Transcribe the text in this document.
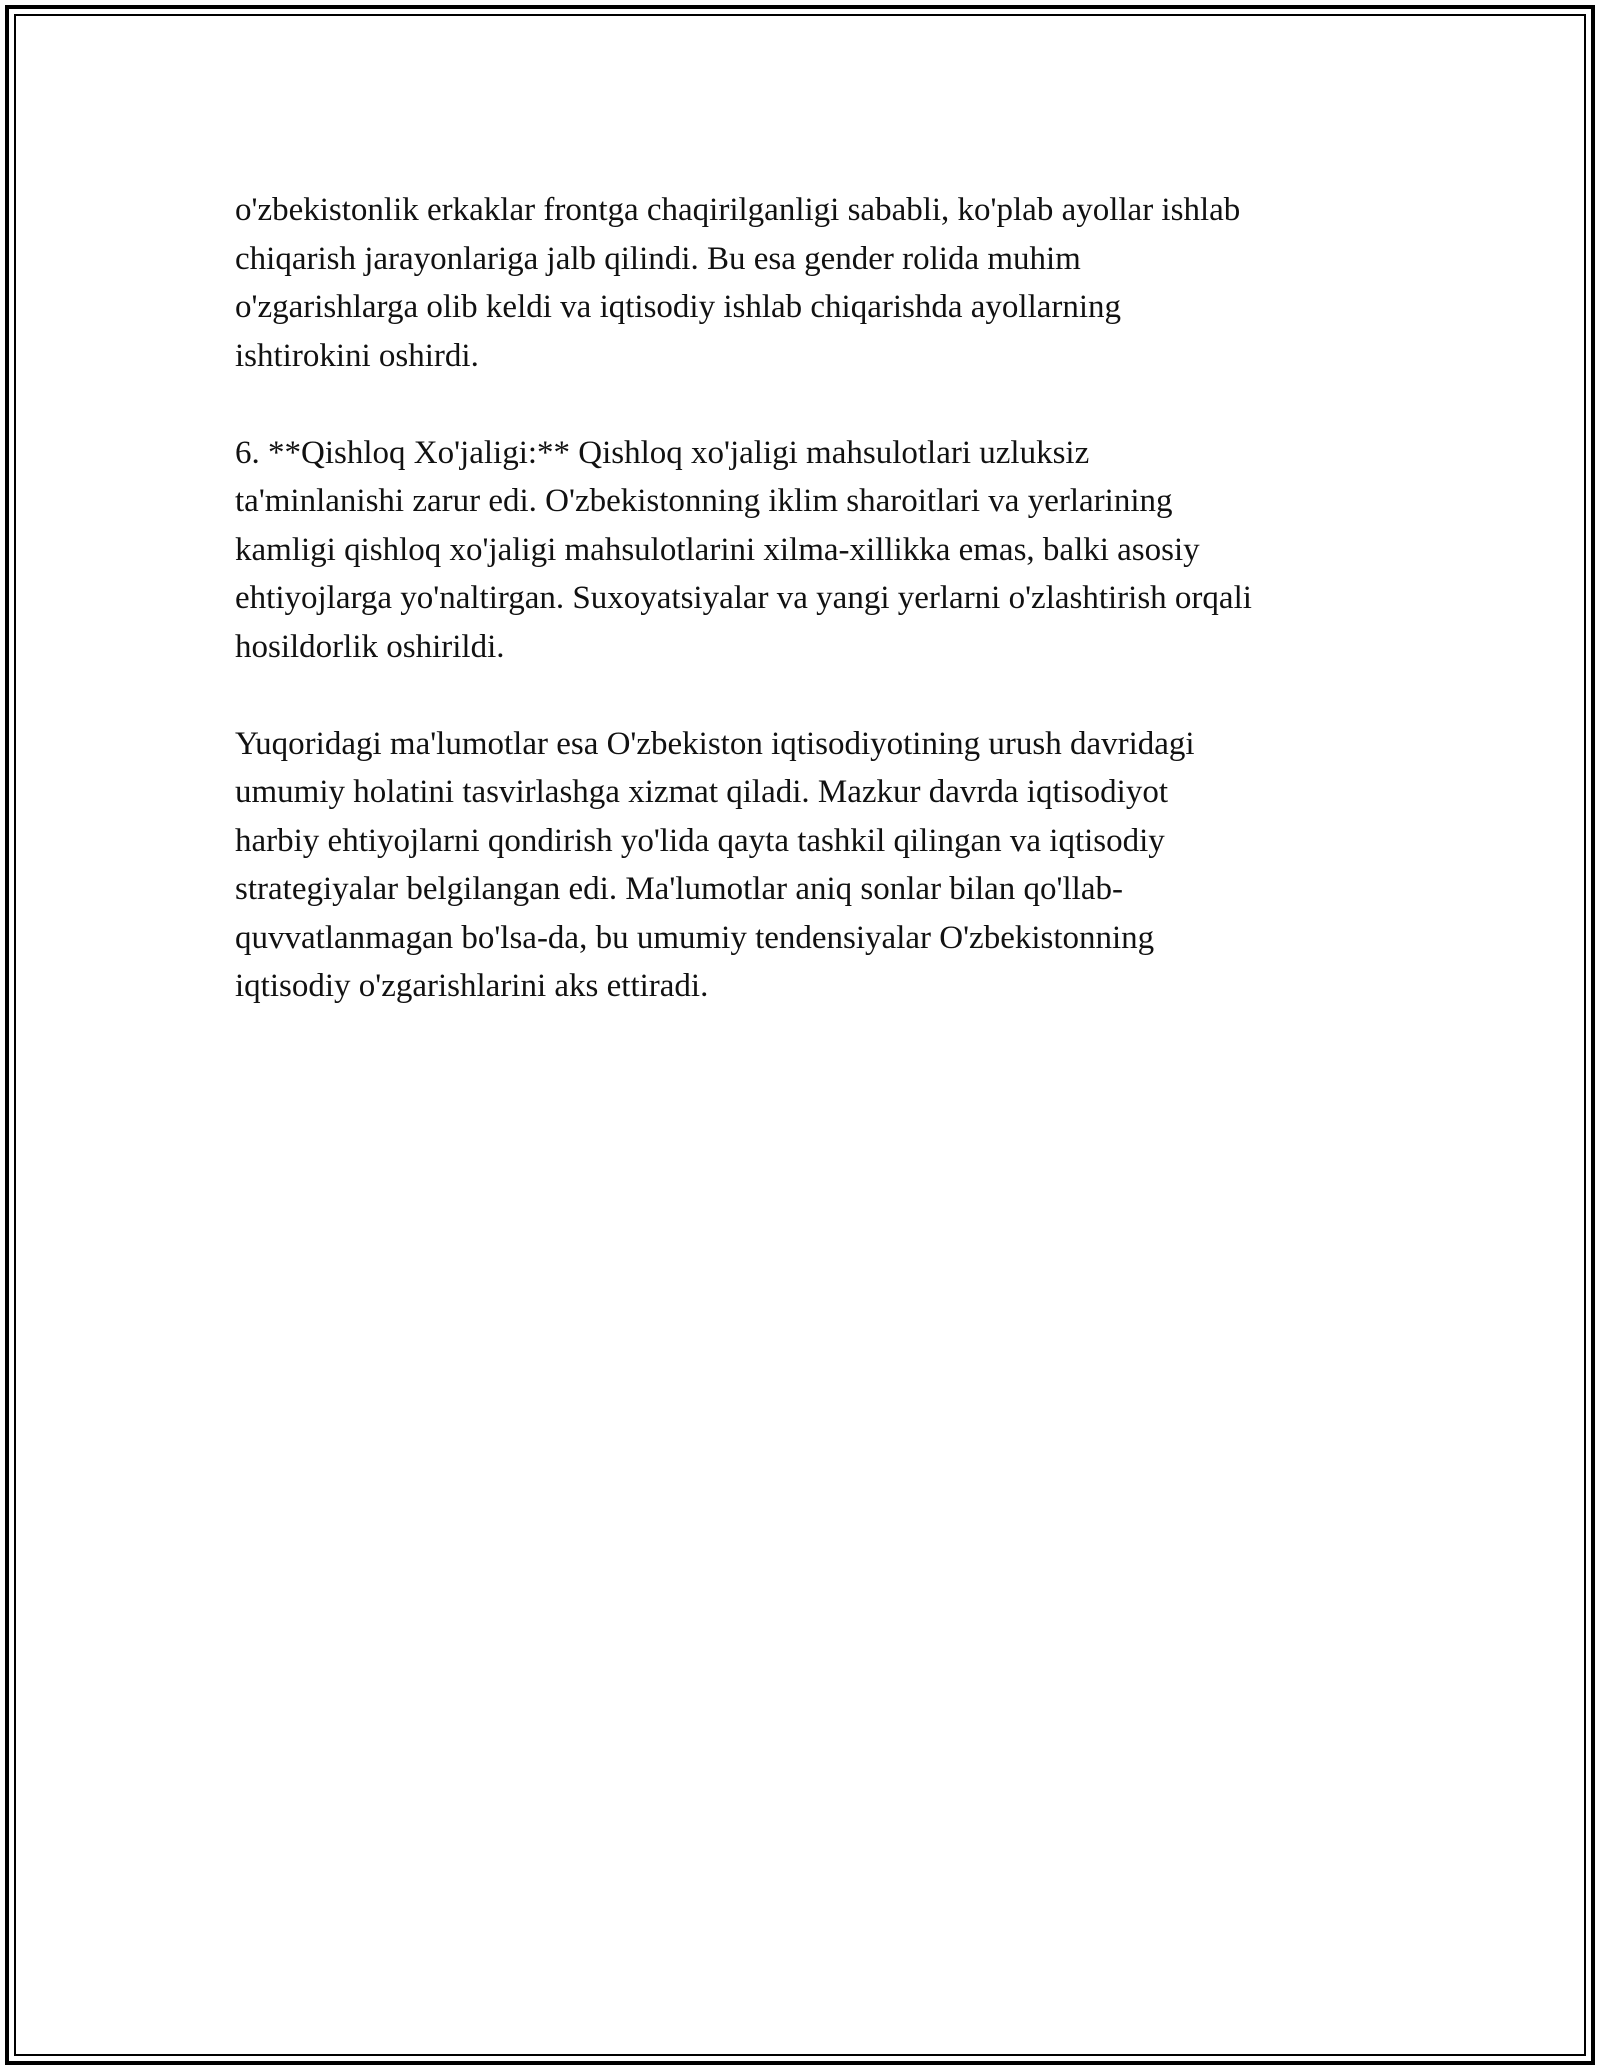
o'zbekistonlik erkaklar frontga chaqirilganligi sababli, ko'plab ayollar ishlab
chiqarish jarayonlariga jalb qilindi. Bu esa gender rolida muhim
o'zgarishlarga olib keldi va iqtisodiy ishlab chiqarishda ayollarning
ishtirokini oshirdi.

6. **Qishloq Xo'jaligi:** Qishloq xo'jaligi mahsulotlari uzluksiz
ta'minlanishi zarur edi. O'zbekistonning iklim sharoitlari va yerlarining
kamligi qishloq xo'jaligi mahsulotlarini xilma-xillikka emas, balki asosiy
ehtiyojlarga yo'naltirgan. Suxoyatsiyalar va yangi yerlarni o'zlashtirish orqali
hosildorlik oshirildi.

Yuqoridagi ma'lumotlar esa O'zbekiston iqtisodiyotining urush davridagi
umumiy holatini tasvirlashga xizmat qiladi. Mazkur davrda iqtisodiyot
harbiy ehtiyojlarni qondirish yo'lida qayta tashkil qilingan va iqtisodiy
strategiyalar belgilangan edi. Ma'lumotlar aniq sonlar bilan qo'llab-
quvvatlanmagan bo'lsa-da, bu umumiy tendensiyalar O'zbekistonning
iqtisodiy o'zgarishlarini aks ettiradi.
